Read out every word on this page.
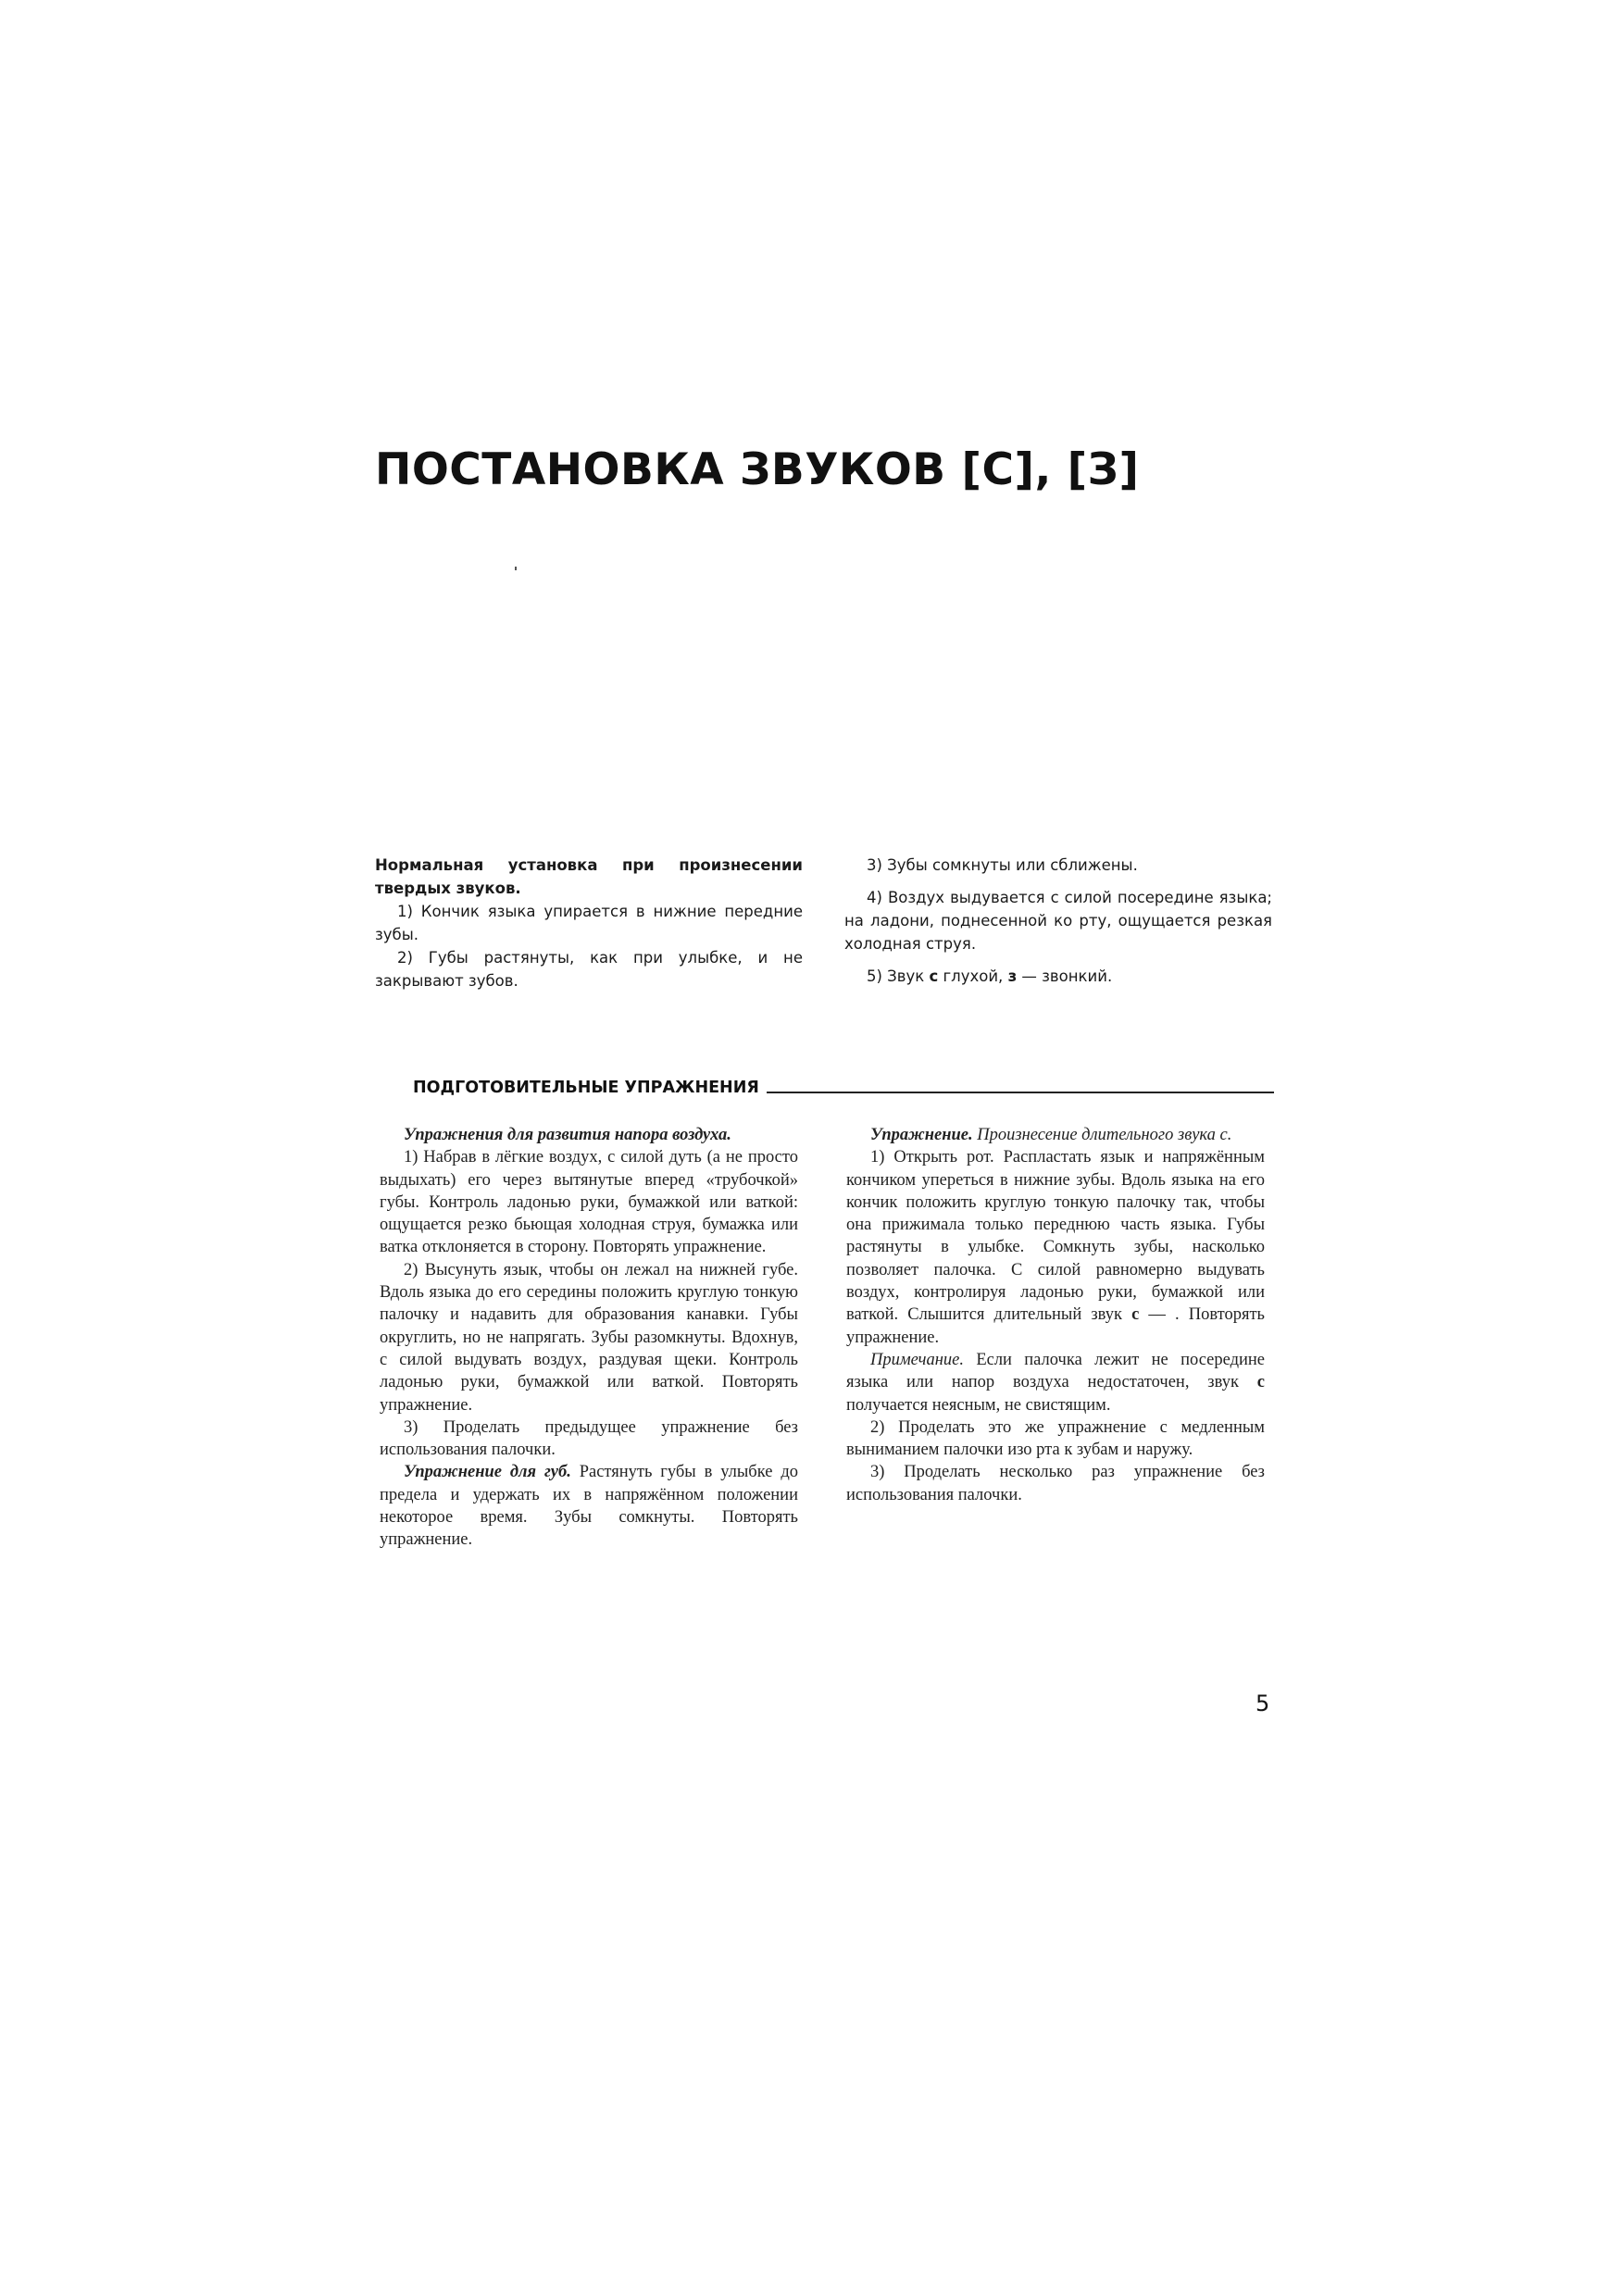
ПОСТАНОВКА ЗВУКОВ [С], [З]

Нормальная установка при произнесении твердых звуков.

1) Кончик языка упирается в нижние передние зубы.

2) Губы растянуты, как при улыбке, и не закрывают зубов.

3) Зубы сомкнуты или сближены.

4) Воздух выдувается с силой посередине языка; на ладони, поднесенной ко рту, ощущается резкая холодная струя.

5) Звук с глухой, з — звонкий.

ПОДГОТОВИТЕЛЬНЫЕ УПРАЖНЕНИЯ

Упражнения для развития напора воздуха.

1) Набрав в лёгкие воздух, с силой дуть (а не просто выдыхать) его через вытянутые вперед «трубочкой» губы. Контроль ладонью руки, бумажкой или ваткой: ощущается резко бьющая холодная струя, бумажка или ватка отклоняется в сторону. Повторять упражнение.

2) Высунуть язык, чтобы он лежал на нижней губе. Вдоль языка до его середины положить круглую тонкую палочку и надавить для образования канавки. Губы округлить, но не напрягать. Зубы разомкнуты. Вдохнув, с силой выдувать воздух, раздувая щеки. Контроль ладонью руки, бумажкой или ваткой. Повторять упражнение.

3) Проделать предыдущее упражнение без использования палочки.

Упражнение для губ. Растянуть губы в улыбке до предела и удержать их в напряжённом положении некоторое время. Зубы сомкнуты. Повторять упражнение.

Упражнение. Произнесение длительного звука с.

1) Открыть рот. Распластать язык и напряжённым кончиком упереться в нижние зубы. Вдоль языка на его кончик положить круглую тонкую палочку так, чтобы она прижимала только переднюю часть языка. Губы растянуты в улыбке. Сомкнуть зубы, насколько позволяет палочка. С силой равномерно выдувать воздух, контролируя ладонью руки, бумажкой или ваткой. Слышится длительный звук с — . Повторять упражнение.

Примечание. Если палочка лежит не посередине языка или напор воздуха недостаточен, звук с получается неясным, не свистящим.

2) Проделать это же упражнение с медленным выниманием палочки изо рта к зубам и наружу.

3) Проделать несколько раз упражнение без использования палочки.

5
